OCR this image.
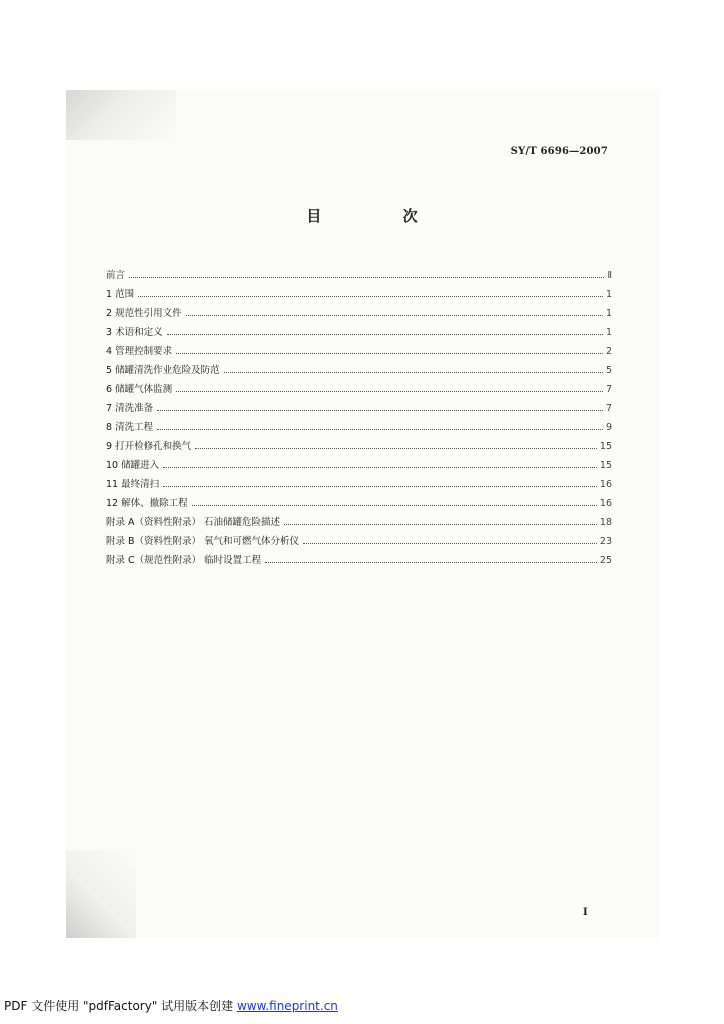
SY/T 6696—2007
目 次
前言	Ⅱ
1 范围	1
2 规范性引用文件	1
3 术语和定义	1
4 管理控制要求	2
5 储罐清洗作业危险及防范	5
6 储罐气体监测	7
7 清洗准备	7
8 清洗工程	9
9 打开检修孔和换气	15
10 储罐进入	15
11 最终清扫	16
12 解体、撤除工程	16
附录 A（资料性附录） 石油储罐危险描述	18
附录 B（资料性附录） 氧气和可燃气体分析仪	23
附录 C（规范性附录） 临时设置工程	25
I
PDF 文件使用 "pdfFactory" 试用版本创建 www.fineprint.cn
